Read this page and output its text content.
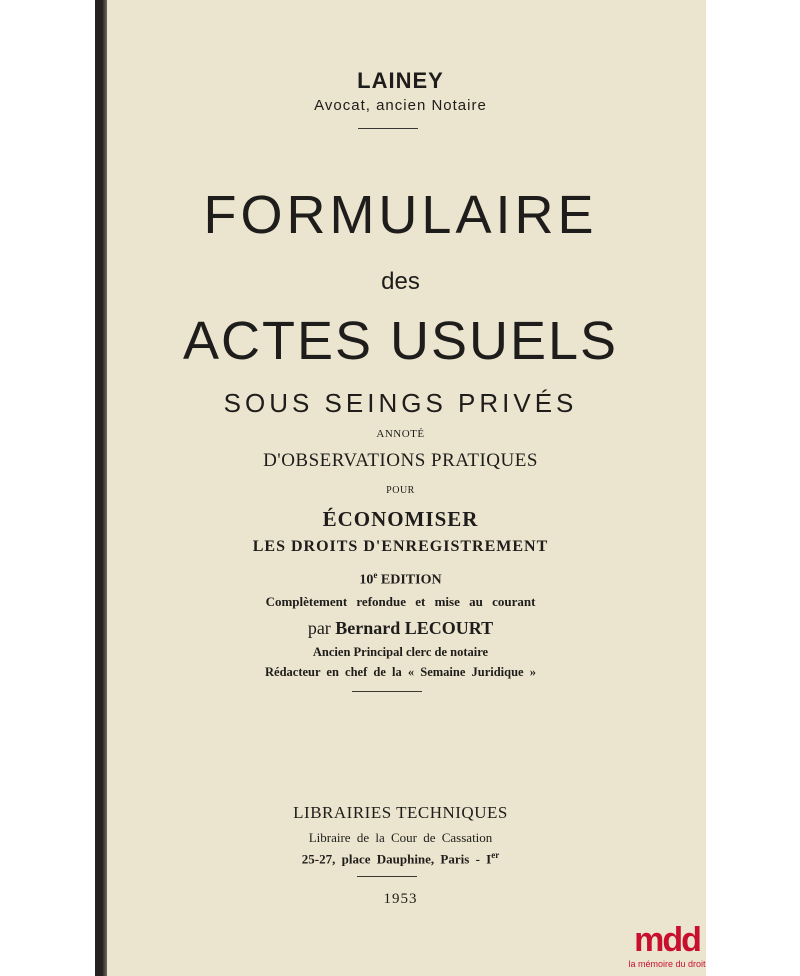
LAINEY
Avocat, ancien Notaire
FORMULAIRE
des
ACTES USUELS
SOUS SEINGS PRIVÉS
ANNOTÉ
D'OBSERVATIONS PRATIQUES
POUR
ÉCONOMISER
LES DROITS D'ENREGISTREMENT
10e EDITION
Complètement refondue et mise au courant
par Bernard LECOURT
Ancien Principal clerc de notaire
Rédacteur en chef de la « Semaine Juridique »
LIBRAIRIES TECHNIQUES
Libraire de la Cour de Cassation
25-27, place Dauphine, Paris - Ier
1953
mdd
la mémoire du droit
